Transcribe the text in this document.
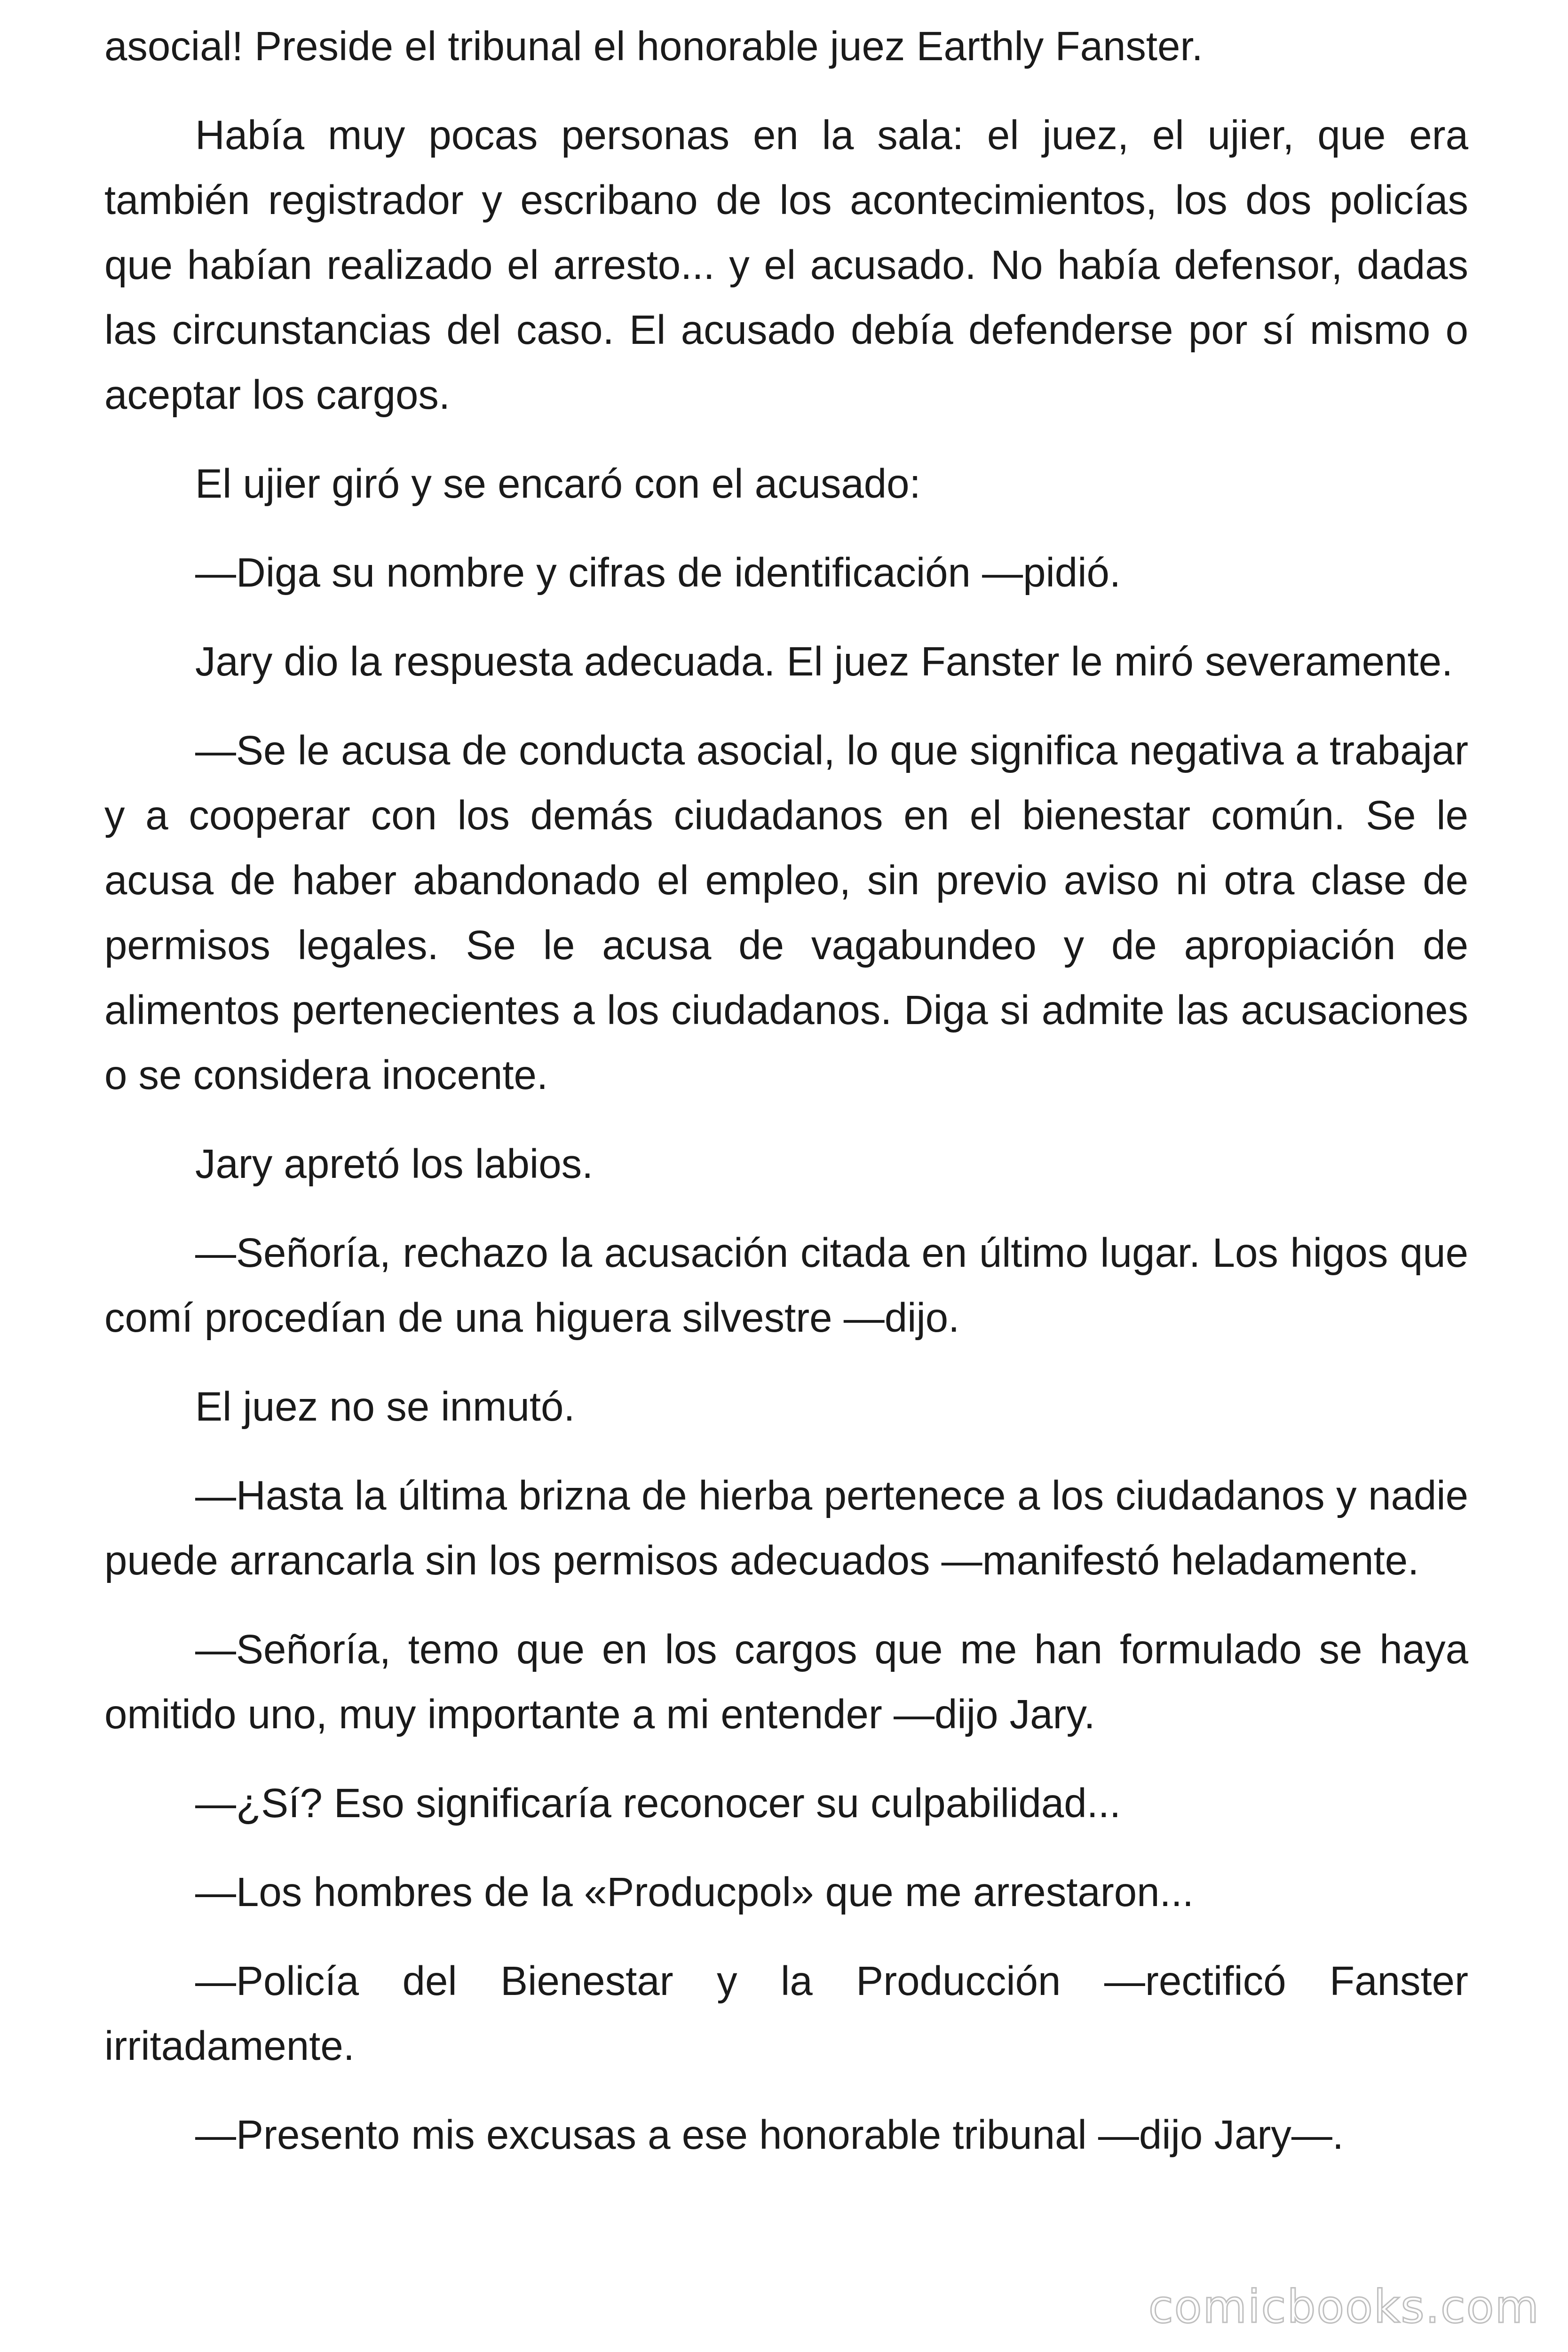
asocial! Preside el tribunal el honorable juez Earthly Fanster.

Había muy pocas personas en la sala: el juez, el ujier, que era también registrador y escribano de los acontecimientos, los dos policías que habían realizado el arresto... y el acusado. No había defensor, dadas las circunstancias del caso. El acusado debía defenderse por sí mismo o aceptar los cargos.

El ujier giró y se encaró con el acusado:

—Diga su nombre y cifras de identificación —pidió.

Jary dio la respuesta adecuada. El juez Fanster le miró severamente.

—Se le acusa de conducta asocial, lo que significa negativa a trabajar y a cooperar con los demás ciudadanos en el bienestar común. Se le acusa de haber abandonado el empleo, sin previo aviso ni otra clase de permisos legales. Se le acusa de vagabundeo y de apropiación de alimentos pertenecientes a los ciudadanos. Diga si admite las acusaciones o se considera inocente.

Jary apretó los labios.

—Señoría, rechazo la acusación citada en último lugar. Los higos que comí procedían de una higuera silvestre —dijo.

El juez no se inmutó.

—Hasta la última brizna de hierba pertenece a los ciudadanos y nadie puede arrancarla sin los permisos adecuados —manifestó heladamente.

—Señoría, temo que en los cargos que me han formulado se haya omitido uno, muy importante a mi entender —dijo Jary.

—¿Sí? Eso significaría reconocer su culpabilidad...

—Los hombres de la «Producpol» que me arrestaron...

—Policía del Bienestar y la Producción —rectificó Fanster irritadamente.

—Presento mis excusas a ese honorable tribunal —dijo Jary—.

comicbooks.com
